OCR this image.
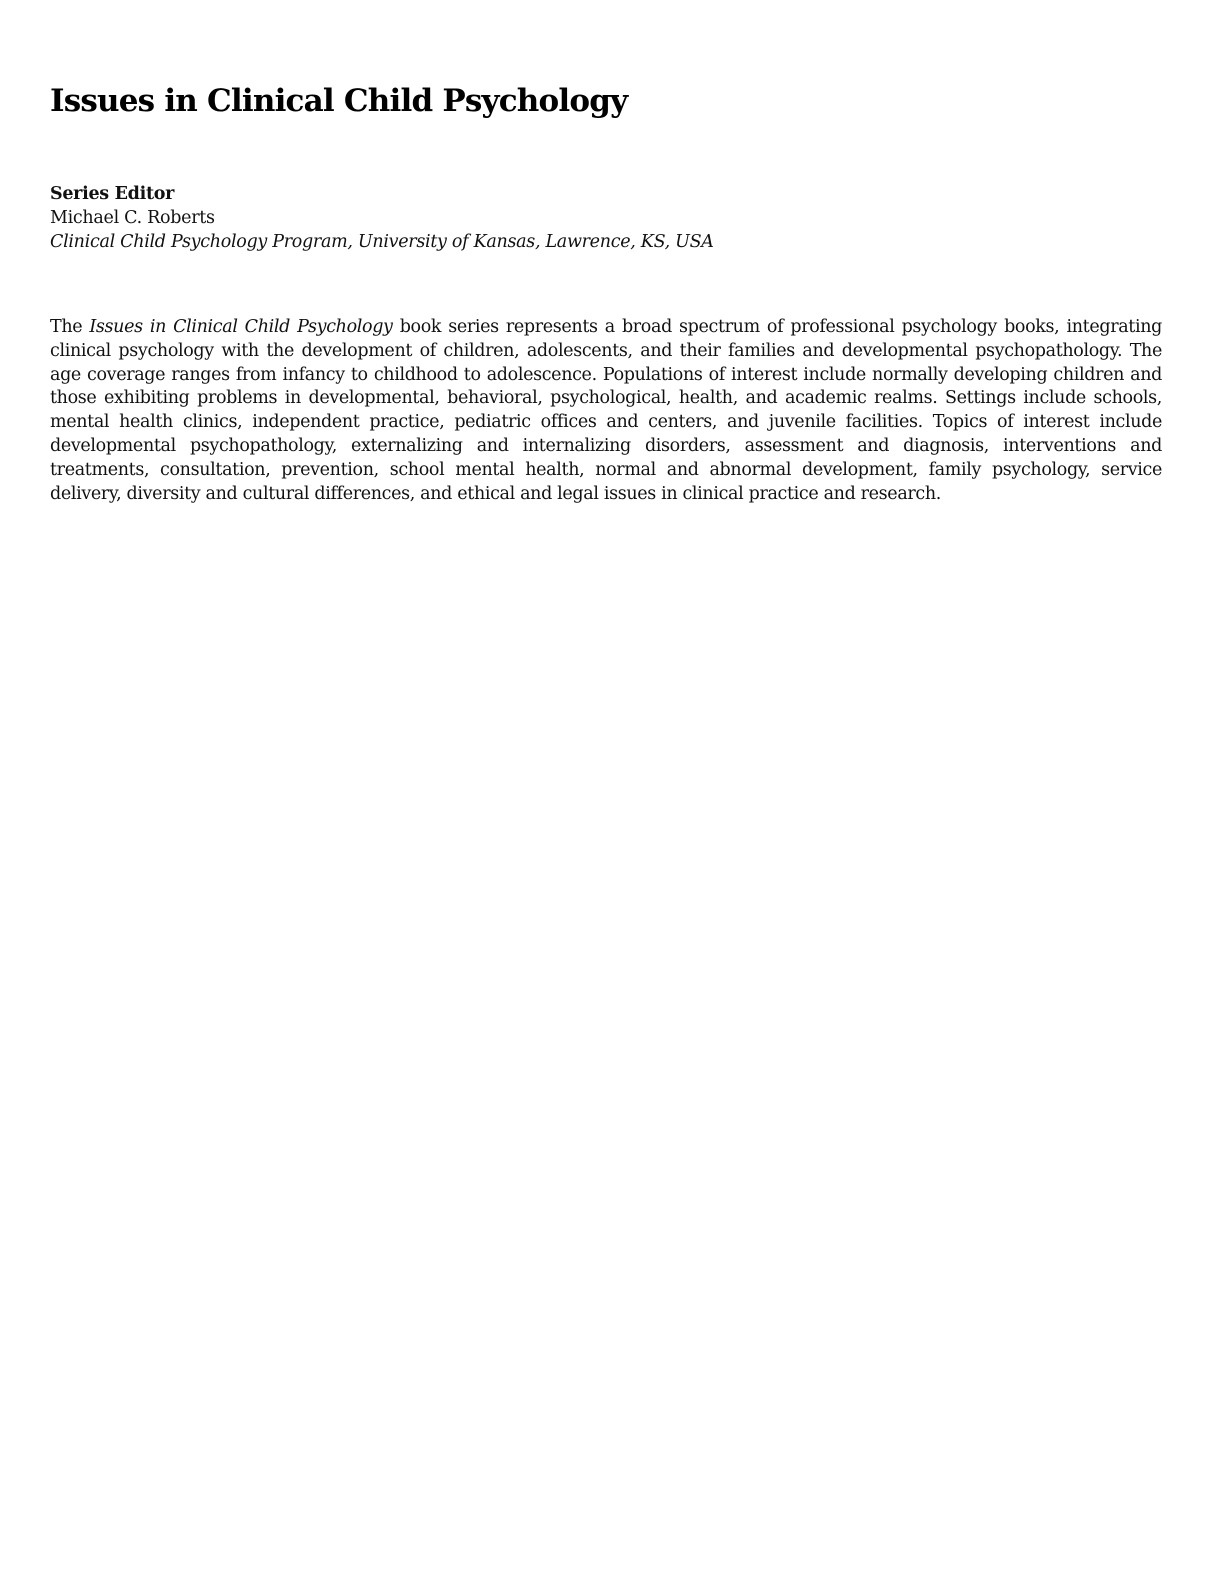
Issues in Clinical Child Psychology
Series Editor
Michael C. Roberts
Clinical Child Psychology Program, University of Kansas, Lawrence, KS, USA

The Issues in Clinical Child Psychology book series represents a broad spectrum of professional psychology books, integrating clinical psychology with the development of children, adolescents, and their families and developmental psychopathology. The age coverage ranges from infancy to childhood to adolescence. Populations of interest include normally developing children and those exhibiting problems in developmental, behavioral, psychological, health, and academic realms. Settings include schools, mental health clinics, independent practice, pediatric offices and centers, and juvenile facilities. Topics of interest include developmental psychopathology, externalizing and internalizing disorders, assessment and diagnosis, interventions and treatments, consultation, prevention, school mental health, normal and abnormal development, family psychology, service delivery, diversity and cultural differences, and ethical and legal issues in clinical practice and research.
